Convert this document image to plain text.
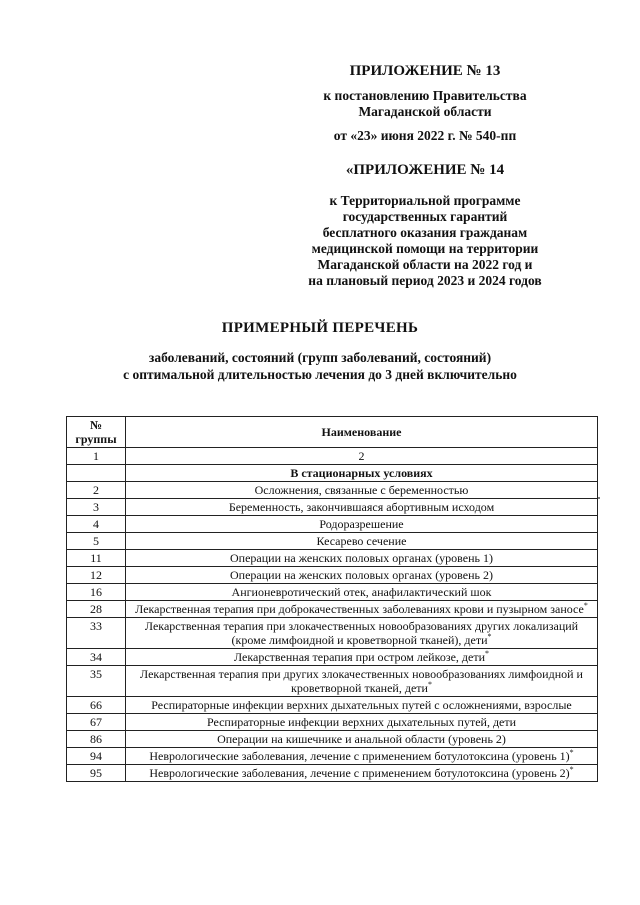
ПРИЛОЖЕНИЕ № 13

к постановлению Правительства

Магаданской области

от «23» июня 2022 г. № 540-пп

«ПРИЛОЖЕНИЕ № 14

к Территориальной программе

государственных гарантий

бесплатного оказания гражданам

медицинской помощи на территории

Магаданской области на 2022 год и

на плановый период 2023 и 2024 годов

ПРИМЕРНЫЙ ПЕРЕЧЕНЬ

заболеваний, состояний (групп заболеваний, состояний)

с оптимальной длительностью лечения до 3 дней включительно

№ группы	Наименование
1	2
	В стационарных условиях
2	Осложнения, связанные с беременностью
3	Беременность, закончившаяся абортивным исходом
4	Родоразрешение
5	Кесарево сечение
11	Операции на женских половых органах (уровень 1)
12	Операции на женских половых органах (уровень 2)
16	Ангионевротический отек, анафилактический шок
28	Лекарственная терапия при доброкачественных заболеваниях крови и пузырном заносе*
33	Лекарственная терапия при злокачественных новообразованиях других локализаций (кроме лимфоидной и кроветворной тканей), дети*
34	Лекарственная терапия при остром лейкозе, дети*
35	Лекарственная терапия при других злокачественных новообразованиях лимфоидной и кроветворной тканей, дети*
66	Респираторные инфекции верхних дыхательных путей с осложнениями, взрослые
67	Респираторные инфекции верхних дыхательных путей, дети
86	Операции на кишечнике и анальной области (уровень 2)
94	Неврологические заболевания, лечение с применением ботулотоксина (уровень 1)*
95	Неврологические заболевания, лечение с применением ботулотоксина (уровень 2)*
